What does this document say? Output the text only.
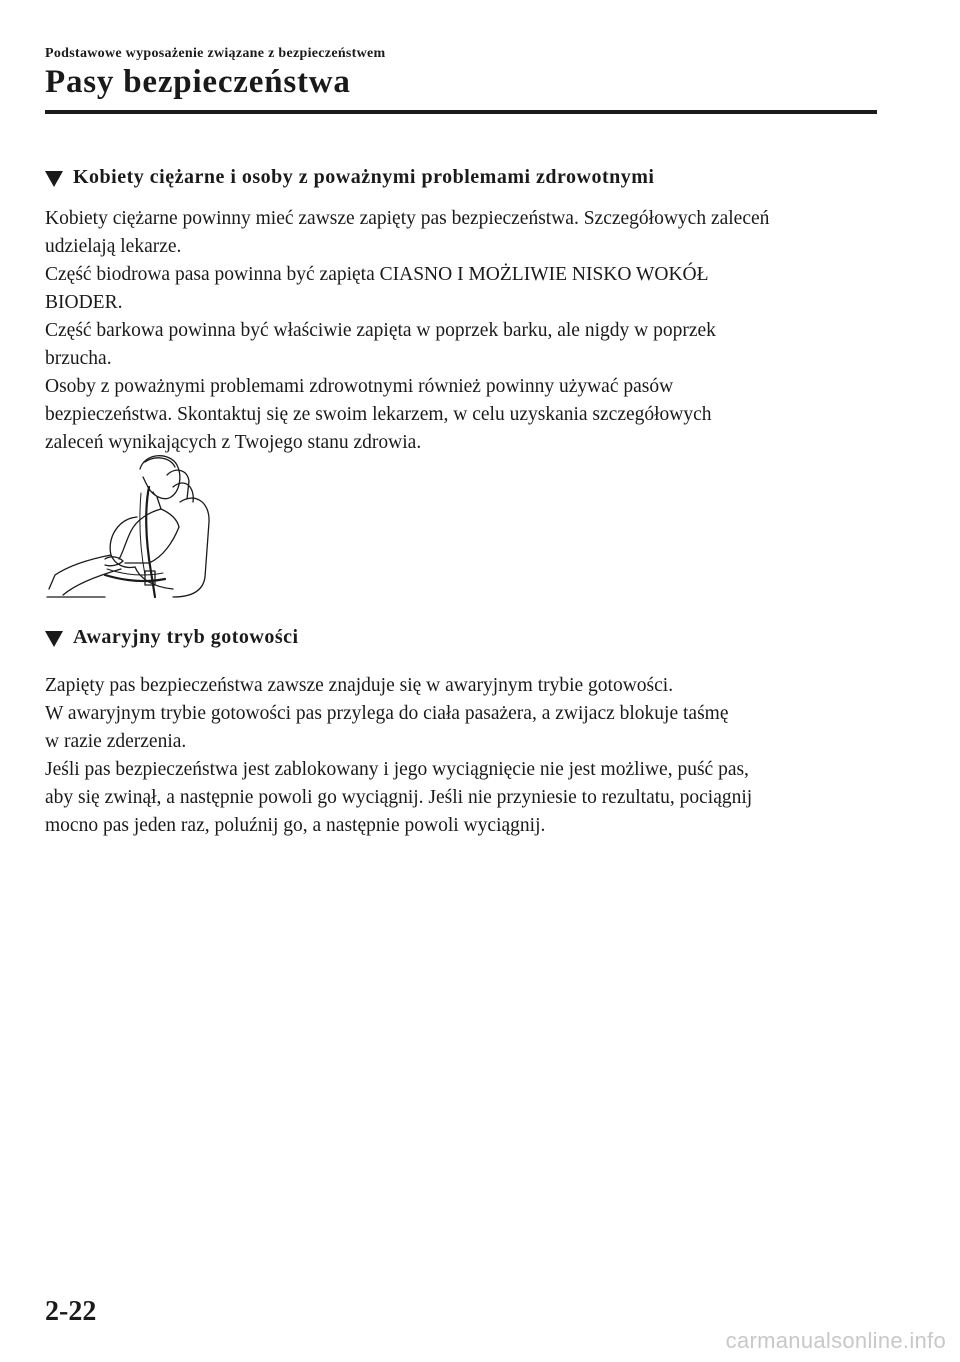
Podstawowe wyposażenie związane z bezpieczeństwem
Pasy bezpieczeństwa
Kobiety ciężarne i osoby z poważnymi problemami zdrowotnymi

Kobiety ciężarne powinny mieć zawsze zapięty pas bezpieczeństwa. Szczegółowych zaleceń

udzielają lekarze.

Część biodrowa pasa powinna być zapięta CIASNO I MOŻLIWIE NISKO WOKÓŁ

BIODER.

Część barkowa powinna być właściwie zapięta w poprzek barku, ale nigdy w poprzek

brzucha.

Osoby z poważnymi problemami zdrowotnymi również powinny używać pasów

bezpieczeństwa. Skontaktuj się ze swoim lekarzem, w celu uzyskania szczegółowych

zaleceń wynikających z Twojego stanu zdrowia.

Awaryjny tryb gotowości

Zapięty pas bezpieczeństwa zawsze znajduje się w awaryjnym trybie gotowości.

W awaryjnym trybie gotowości pas przylega do ciała pasażera, a zwijacz blokuje taśmę

w razie zderzenia.

Jeśli pas bezpieczeństwa jest zablokowany i jego wyciągnięcie nie jest możliwe, puść pas,

aby się zwinął, a następnie powoli go wyciągnij. Jeśli nie przyniesie to rezultatu, pociągnij

mocno pas jeden raz, poluźnij go, a następnie powoli wyciągnij.

2-22
carmanualsonline.info
